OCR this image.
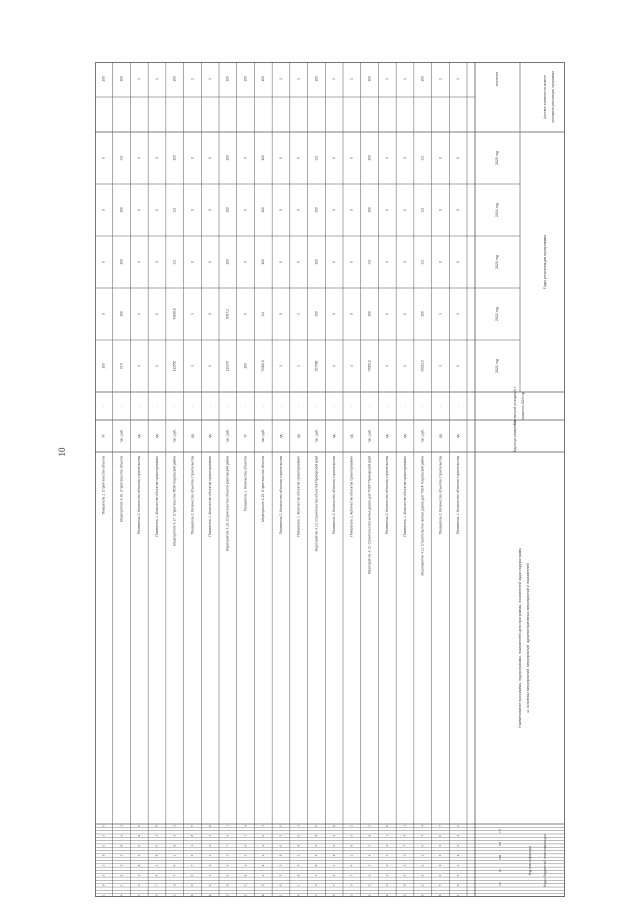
10
Наименование программы, подпрограммы, показателей цели программы, показателей задач подпрограмм ы, основных мероприятий, мероприятий, административных мероприятий и показателей
Единица измерения
Фактический (исходный) п оказатель 2019 год
Годы реализации программы
2021 год
2022 год
2023 год
2024 год
2025 год
Целевое значение на момент окончания реализации программы
значение
Коды бюджетной классификации
Код классификации
ГП
ПП
ОМ
М
ОГ
Показатель 1. Количество объектов строительства
ед.
-
1
1
0
0
0
1
0
3
6
9
2
5
8
1
Показатель 2. Количество объектов строительства
ед.
-
1
1
0
0
0
1
7
0
3
6
9
2
5
8
Мероприятие 4.11. Строительство жилых домов для ТОСР Хорольский район
тыс. руб.
-
90022,0
100
0,0
0,0
0,0
100
4
7
0
3
6
9
2
5
Показатель 1. Количество объектов проектирования
ед.
-
1
0
0
0
0
1
1
4
7
0
3
6
9
2
Показатель 2. Количество объектов строительства
ед.
-
1
0
0
0
0
1
8
1
4
7
0
3
6
9
Мероприятие 4.12. Строительство жилых домов для ТОСР Приморский край
тыс. руб.
-
73000,0
100
0,0
100
100
100
5
8
1
4
7
0
3
6
Показатель 1. Количество объектов проектирования
ед.
-
1
0
0
0
0
1
2
5
8
1
4
7
0
3
Показатель 2. Количество объектов строительства
ед.
-
1
0
0
0
0
1
9
2
5
8
1
4
7
0
Мероприятие 4.13. Строительство объектов Приморский край
тыс. руб.
-
207568
100
100
100
0,0
100
6
9
2
5
8
1
4
7
Показатель 1. Количество объектов проектирования
ед.
-
1
1
0
0
0
1
3
6
9
2
5
8
1
4
Показатель 2. Количество объектов строительства
ед.
-
1
0
0
0
0
1
0
3
6
9
2
5
8
1
Мероприятие 4.15. Строительство объекта
тыс. руб.
-
72000,0
0,0
100
100
100
100
7
0
3
6
9
2
5
8
Показатель 1. Количество объектов
%
-
100
0
0
0
0
100
4
7
0
3
6
9
2
5
Мероприятие 4.16. Строительство объекта Шкотовский район
тыс. руб.
-
119270
6317,1
100
100
100
100
1
4
7
0
3
6
9
2
Показатель 1. Количество объектов проектирования
ед.
-
1
0
0
0
0
1
8
1
4
7
0
3
6
9
Показатель 2. Количество объектов строительства
ед.
-
1
1
0
0
0
1
5
8
1
4
7
0
3
6
Мероприятие 4.17. Строительство ПОИ Хорольский район
тыс. руб.
-
112550
41186,8
0,0
0,0
100
100
2
5
8
1
4
7
0
3
Показатель 1. Количество объектов проектирования
ед.
-
1
0
0
0
0
1
9
2
5
8
1
4
7
0
Показатель 2. Количество объектов строительства
ед.
-
1
1
0
0
0
1
6
9
2
5
8
1
4
7
Мероприятие 4.18. Строительство объекта
тыс. руб.
-
27,0
100
100
100
0,0
100
3
6
9
2
5
8
1
4
Показатель 1. Строительство объекта
%
-
100
0
0
0
0
100
0
3
6
9
2
5
8
1
